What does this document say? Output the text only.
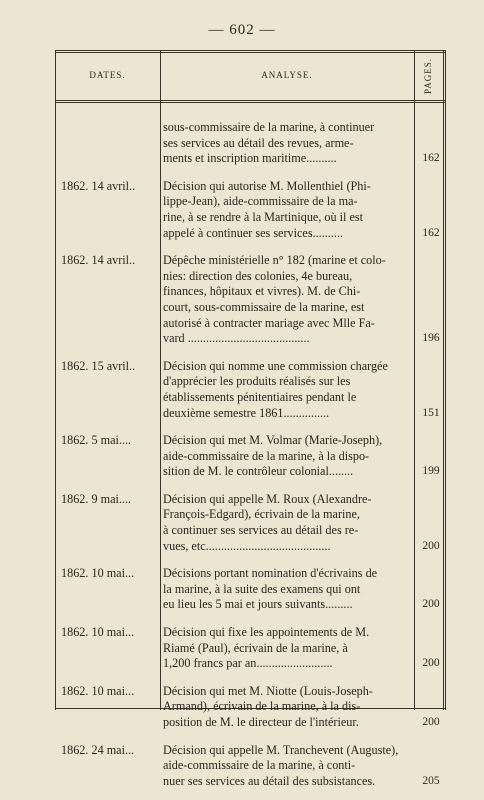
— 602 —
DATES.	ANALYSE.	PAGES.
sous-commissaire de la marine, à continuer
ses services au détail des revues, arme-
ments et inscription maritime..........	162
1862. 14 avril..	Décision qui autorise M. Mollenthiel (Phi-
lippe-Jean), aide-commissaire de la ma-
rine, à se rendre à la Martinique, où il est
appelé à continuer ses services..........	162
1862. 14 avril..	Dépêche ministérielle n° 182 (marine et colo-
nies: direction des colonies, 4e bureau,
finances, hôpitaux et vivres). M. de Chi-
court, sous-commissaire de la marine, est
autorisé à contracter mariage avec Mlle Fa-
vard ........................................	196
1862. 15 avril..	Décision qui nomme une commission chargée
d'apprécier les produits réalisés sur les
établissements pénitentiaires pendant le
deuxième semestre 1861...............	151
1862. 5 mai....	Décision qui met M. Volmar (Marie-Joseph),
aide-commissaire de la marine, à la dispo-
sition de M. le contrôleur colonial........	199
1862. 9 mai....	Décision qui appelle M. Roux (Alexandre-
François-Edgard), écrivain de la marine,
à continuer ses services au détail des re-
vues, etc.........................................	200
1862. 10 mai...	Décisions portant nomination d'écrivains de
la marine, à la suite des examens qui ont
eu lieu les 5 mai et jours suivants.........	200
1862. 10 mai...	Décision qui fixe les appointements de M.
Riamé (Paul), écrivain de la marine, à
1,200 francs par an.........................	200
1862. 10 mai...	Décision qui met M. Niotte (Louis-Joseph-
Armand), écrivain de la marine, à la dis-
position de M. le directeur de l'intérieur.	200
1862. 24 mai...	Décision qui appelle M. Tranchevent (Auguste),
aide-commissaire de la marine, à conti-
nuer ses services au détail des subsistances.	205
